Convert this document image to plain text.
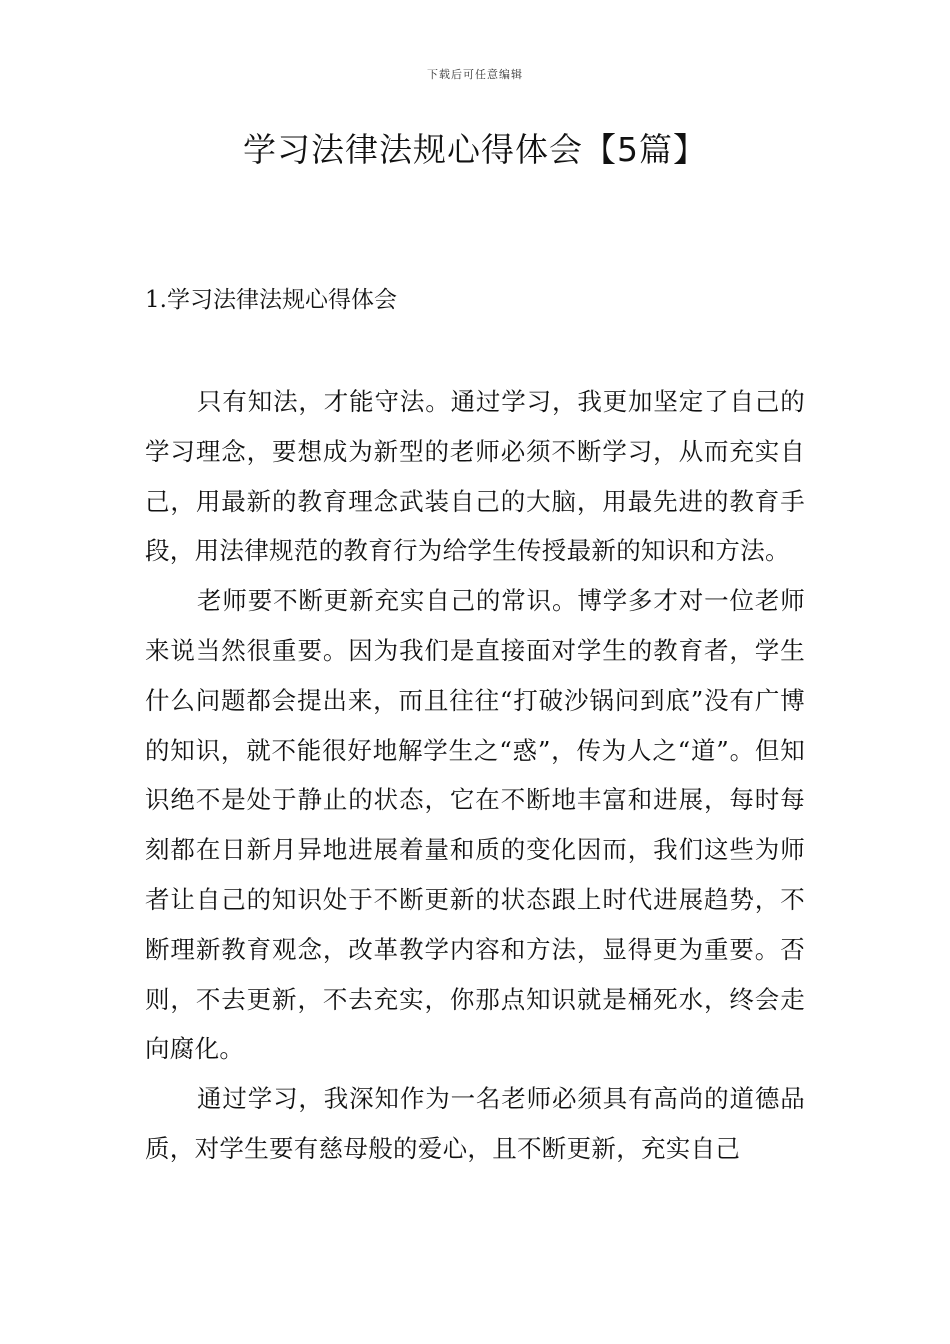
下载后可任意编辑
学习法律法规心得体会【5篇】
1.学习法律法规心得体会

只有知法，才能守法。通过学习，我更加坚定了自己的学习理念，要想成为新型的老师必须不断学习，从而充实自己，用最新的教育理念武装自己的大脑，用最先进的教育手段，用法律规范的教育行为给学生传授最新的知识和方法。

老师要不断更新充实自己的常识。博学多才对一位老师来说当然很重要。因为我们是直接面对学生的教育者，学生什么问题都会提出来，而且往往“打破沙锅问到底”没有广博的知识，就不能很好地解学生之“惑”，传为人之“道”。但知识绝不是处于静止的状态，它在不断地丰富和进展，每时每刻都在日新月异地进展着量和质的变化因而，我们这些为师者让自己的知识处于不断更新的状态跟上时代进展趋势，不断理新教育观念，改革教学内容和方法，显得更为重要。否则，不去更新，不去充实，你那点知识就是桶死水，终会走向腐化。

通过学习，我深知作为一名老师必须具有高尚的道德品质，对学生要有慈母般的爱心，且不断更新，充实自己
